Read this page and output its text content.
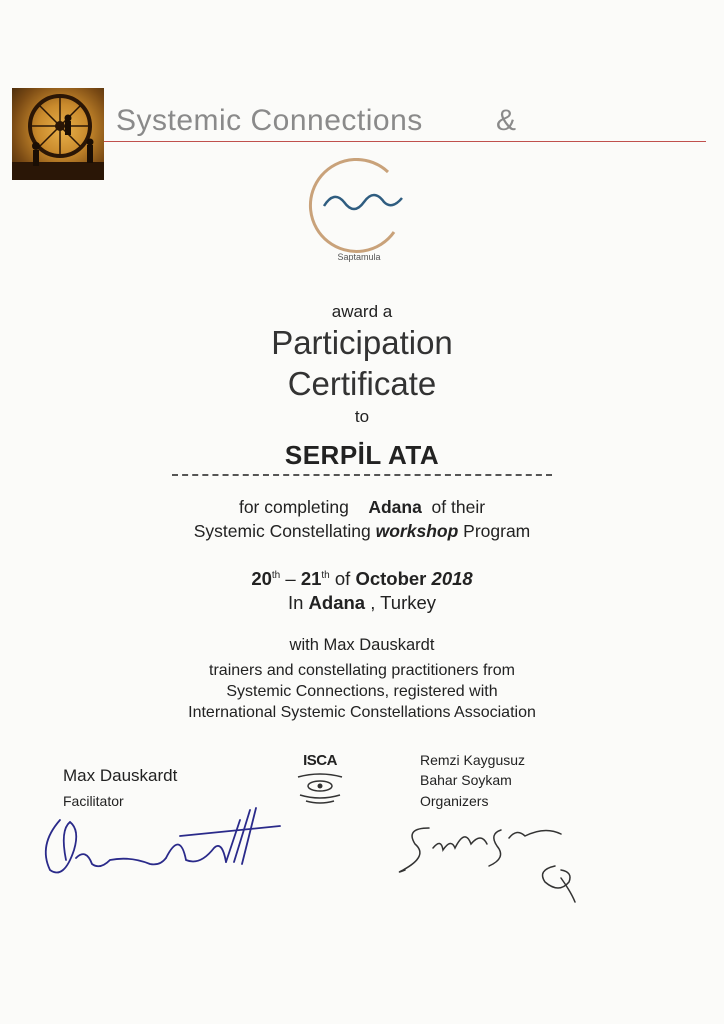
Systemic Connections &
Saptamula
award a
Participation
Certificate
to
SERPİL ATA
for completing Adana of their
Systemic Constellating workshop Program
20th – 21th of October 2018
In Adana , Turkey
with Max Dauskardt
trainers and constellating practitioners from
Systemic Connections, registered with
International Systemic Constellations Association
Max Dauskardt
Facilitator
ISCA	Remzi Kaygusuz
Bahar Soykam
Organizers
